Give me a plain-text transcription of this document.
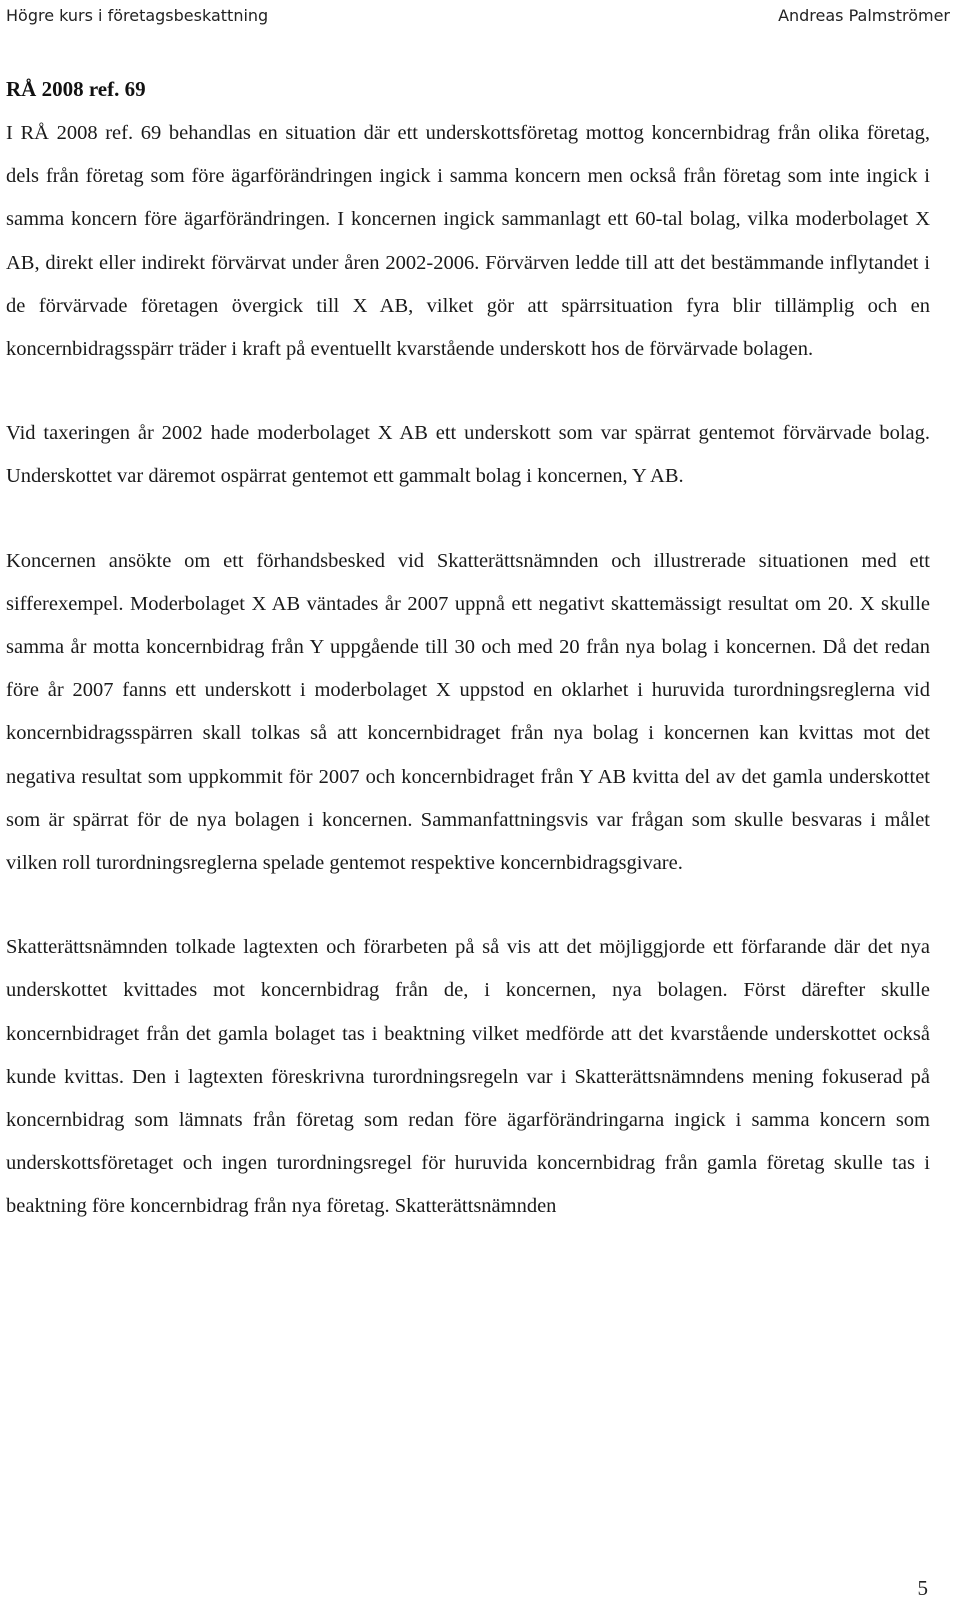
Högre kurs i företagsbeskattning	Andreas Palmströmer
RÅ 2008 ref. 69

I RÅ 2008 ref. 69 behandlas en situation där ett underskottsföretag mottog koncernbidrag från olika företag, dels från företag som före ägarförändringen ingick i samma koncern men också från företag som inte ingick i samma koncern före ägarförändringen. I koncernen ingick sammanlagt ett 60-tal bolag, vilka moderbolaget X AB, direkt eller indirekt förvärvat under åren 2002-2006. Förvärven ledde till att det bestämmande inflytandet i de förvärvade företagen övergick till X AB, vilket gör att spärrsituation fyra blir tillämplig och en koncernbidragsspärr träder i kraft på eventuellt kvarstående underskott hos de förvärvade bolagen.

Vid taxeringen år 2002 hade moderbolaget X AB ett underskott som var spärrat gentemot förvärvade bolag. Underskottet var däremot ospärrat gentemot ett gammalt bolag i koncernen, Y AB.

Koncernen ansökte om ett förhandsbesked vid Skatterättsnämnden och illustrerade situationen med ett sifferexempel. Moderbolaget X AB väntades år 2007 uppnå ett negativt skattemässigt resultat om 20. X skulle samma år motta koncernbidrag från Y uppgående till 30 och med 20 från nya bolag i koncernen. Då det redan före år 2007 fanns ett underskott i moderbolaget X uppstod en oklarhet i huruvida turordningsreglerna vid koncernbidragsspärren skall tolkas så att koncernbidraget från nya bolag i koncernen kan kvittas mot det negativa resultat som uppkommit för 2007 och koncernbidraget från Y AB kvitta del av det gamla underskottet som är spärrat för de nya bolagen i koncernen. Sammanfattningsvis var frågan som skulle besvaras i målet vilken roll turordningsreglerna spelade gentemot respektive koncernbidragsgivare.

Skatterättsnämnden tolkade lagtexten och förarbeten på så vis att det möjliggjorde ett förfarande där det nya underskottet kvittades mot koncernbidrag från de, i koncernen, nya bolagen. Först därefter skulle koncernbidraget från det gamla bolaget tas i beaktning vilket medförde att det kvarstående underskottet också kunde kvittas. Den i lagtexten föreskrivna turordningsregeln var i Skatterättsnämndens mening fokuserad på koncernbidrag som lämnats från företag som redan före ägarförändringarna ingick i samma koncern som underskottsföretaget och ingen turordningsregel för huruvida koncernbidrag från gamla företag skulle tas i beaktning före koncernbidrag från nya företag. Skatterättsnämnden

5
